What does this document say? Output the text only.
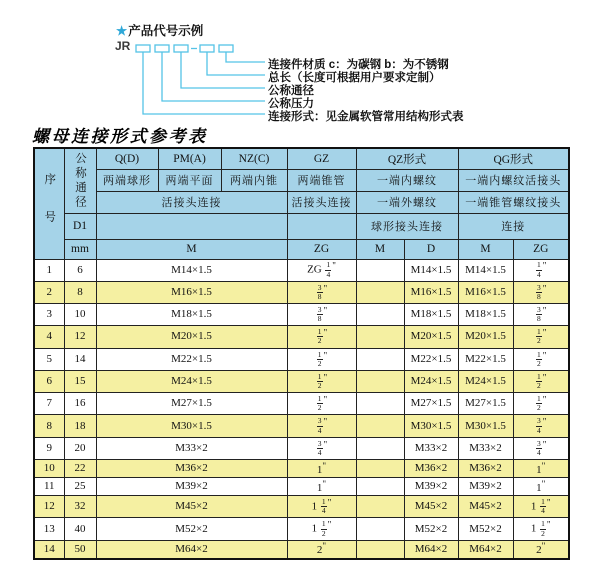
★产品代号示例
JR
连接件材质 c：为碳钢 b：为不锈钢
总长（长度可根据用户要求定制）
公称通径
公称压力
连接形式：见金属软管常用结构形式表
螺母连接形式参考表
序号	公称通径	Q(D)	PM(A)	NZ(C)	GZ	QZ形式		QG形式	
		两端球形	两端平面	两端内锥	两端锥管	一端内螺纹		一端内螺纹活接头	
		活接头连接			活接头连接	一端外螺纹		一端锥管螺纹接头	
	D1					球形接头连接		连接	
	mm	M			ZG	M	D	M	ZG
1	6	M14×1.5			ZG $\frac{1}{4} ^"$		M14×1.5	M14×1.5	$\frac{1}{4} ^"$
2	8	M16×1.5			$\frac{3}{8} ^"$		M16×1.5	M16×1.5	$\frac{3}{8} ^"$
3	10	M18×1.5			$\frac{3}{8} ^"$		M18×1.5	M18×1.5	$\frac{3}{8} ^"$
4	12	M20×1.5			$\frac{1}{2} ^"$		M20×1.5	M20×1.5	$\frac{1}{2} ^"$
5	14	M22×1.5			$\frac{1}{2} ^"$		M22×1.5	M22×1.5	$\frac{1}{2} ^"$
6	15	M24×1.5			$\frac{1}{2} ^"$		M24×1.5	M24×1.5	$\frac{1}{2} ^"$
7	16	M27×1.5			$\frac{1}{2} ^"$		M27×1.5	M27×1.5	$\frac{1}{2} ^"$
8	18	M30×1.5			$\frac{3}{4} ^"$		M30×1.5	M30×1.5	$\frac{3}{4} ^"$
9	20	M33×2			$\frac{3}{4} ^"$		M33×2	M33×2	$\frac{3}{4} ^"$
10	22	M36×2			1"		M36×2	M36×2	1"
11	25	M39×2			1"		M39×2	M39×2	1"
12	32	M45×2			$1 \frac{1}{4} ^"$		M45×2	M45×2	$1 \frac{1}{4} ^"$
13	40	M52×2			$1 \frac{1}{2} ^"$		M52×2	M52×2	$1 \frac{1}{2} ^"$
14	50	M64×2			2"		M64×2	M64×2	2"
